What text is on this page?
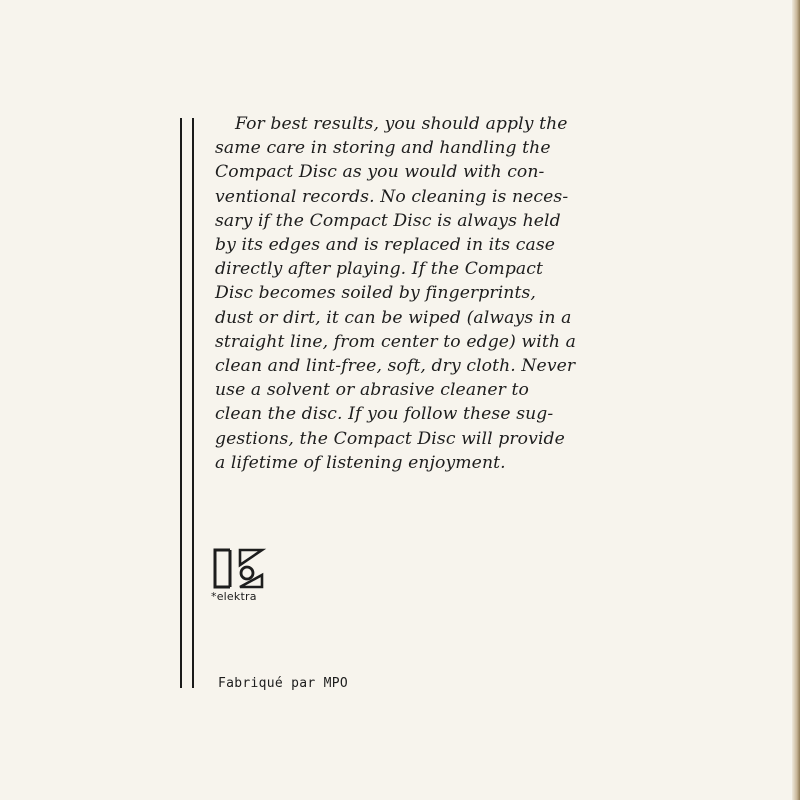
For best results, you should apply the
same care in storing and handling the
Compact Disc as you would with con-
ventional records. No cleaning is neces-
sary if the Compact Disc is always held
by its edges and is replaced in its case
directly after playing. If the Compact
Disc becomes soiled by fingerprints,
dust or dirt, it can be wiped (always in a
straight line, from center to edge) with a
clean and lint-free, soft, dry cloth. Never
use a solvent or abrasive cleaner to
clean the disc. If you follow these sug-
gestions, the Compact Disc will provide
a lifetime of listening enjoyment.

*elektra
Fabriqué par MPO
